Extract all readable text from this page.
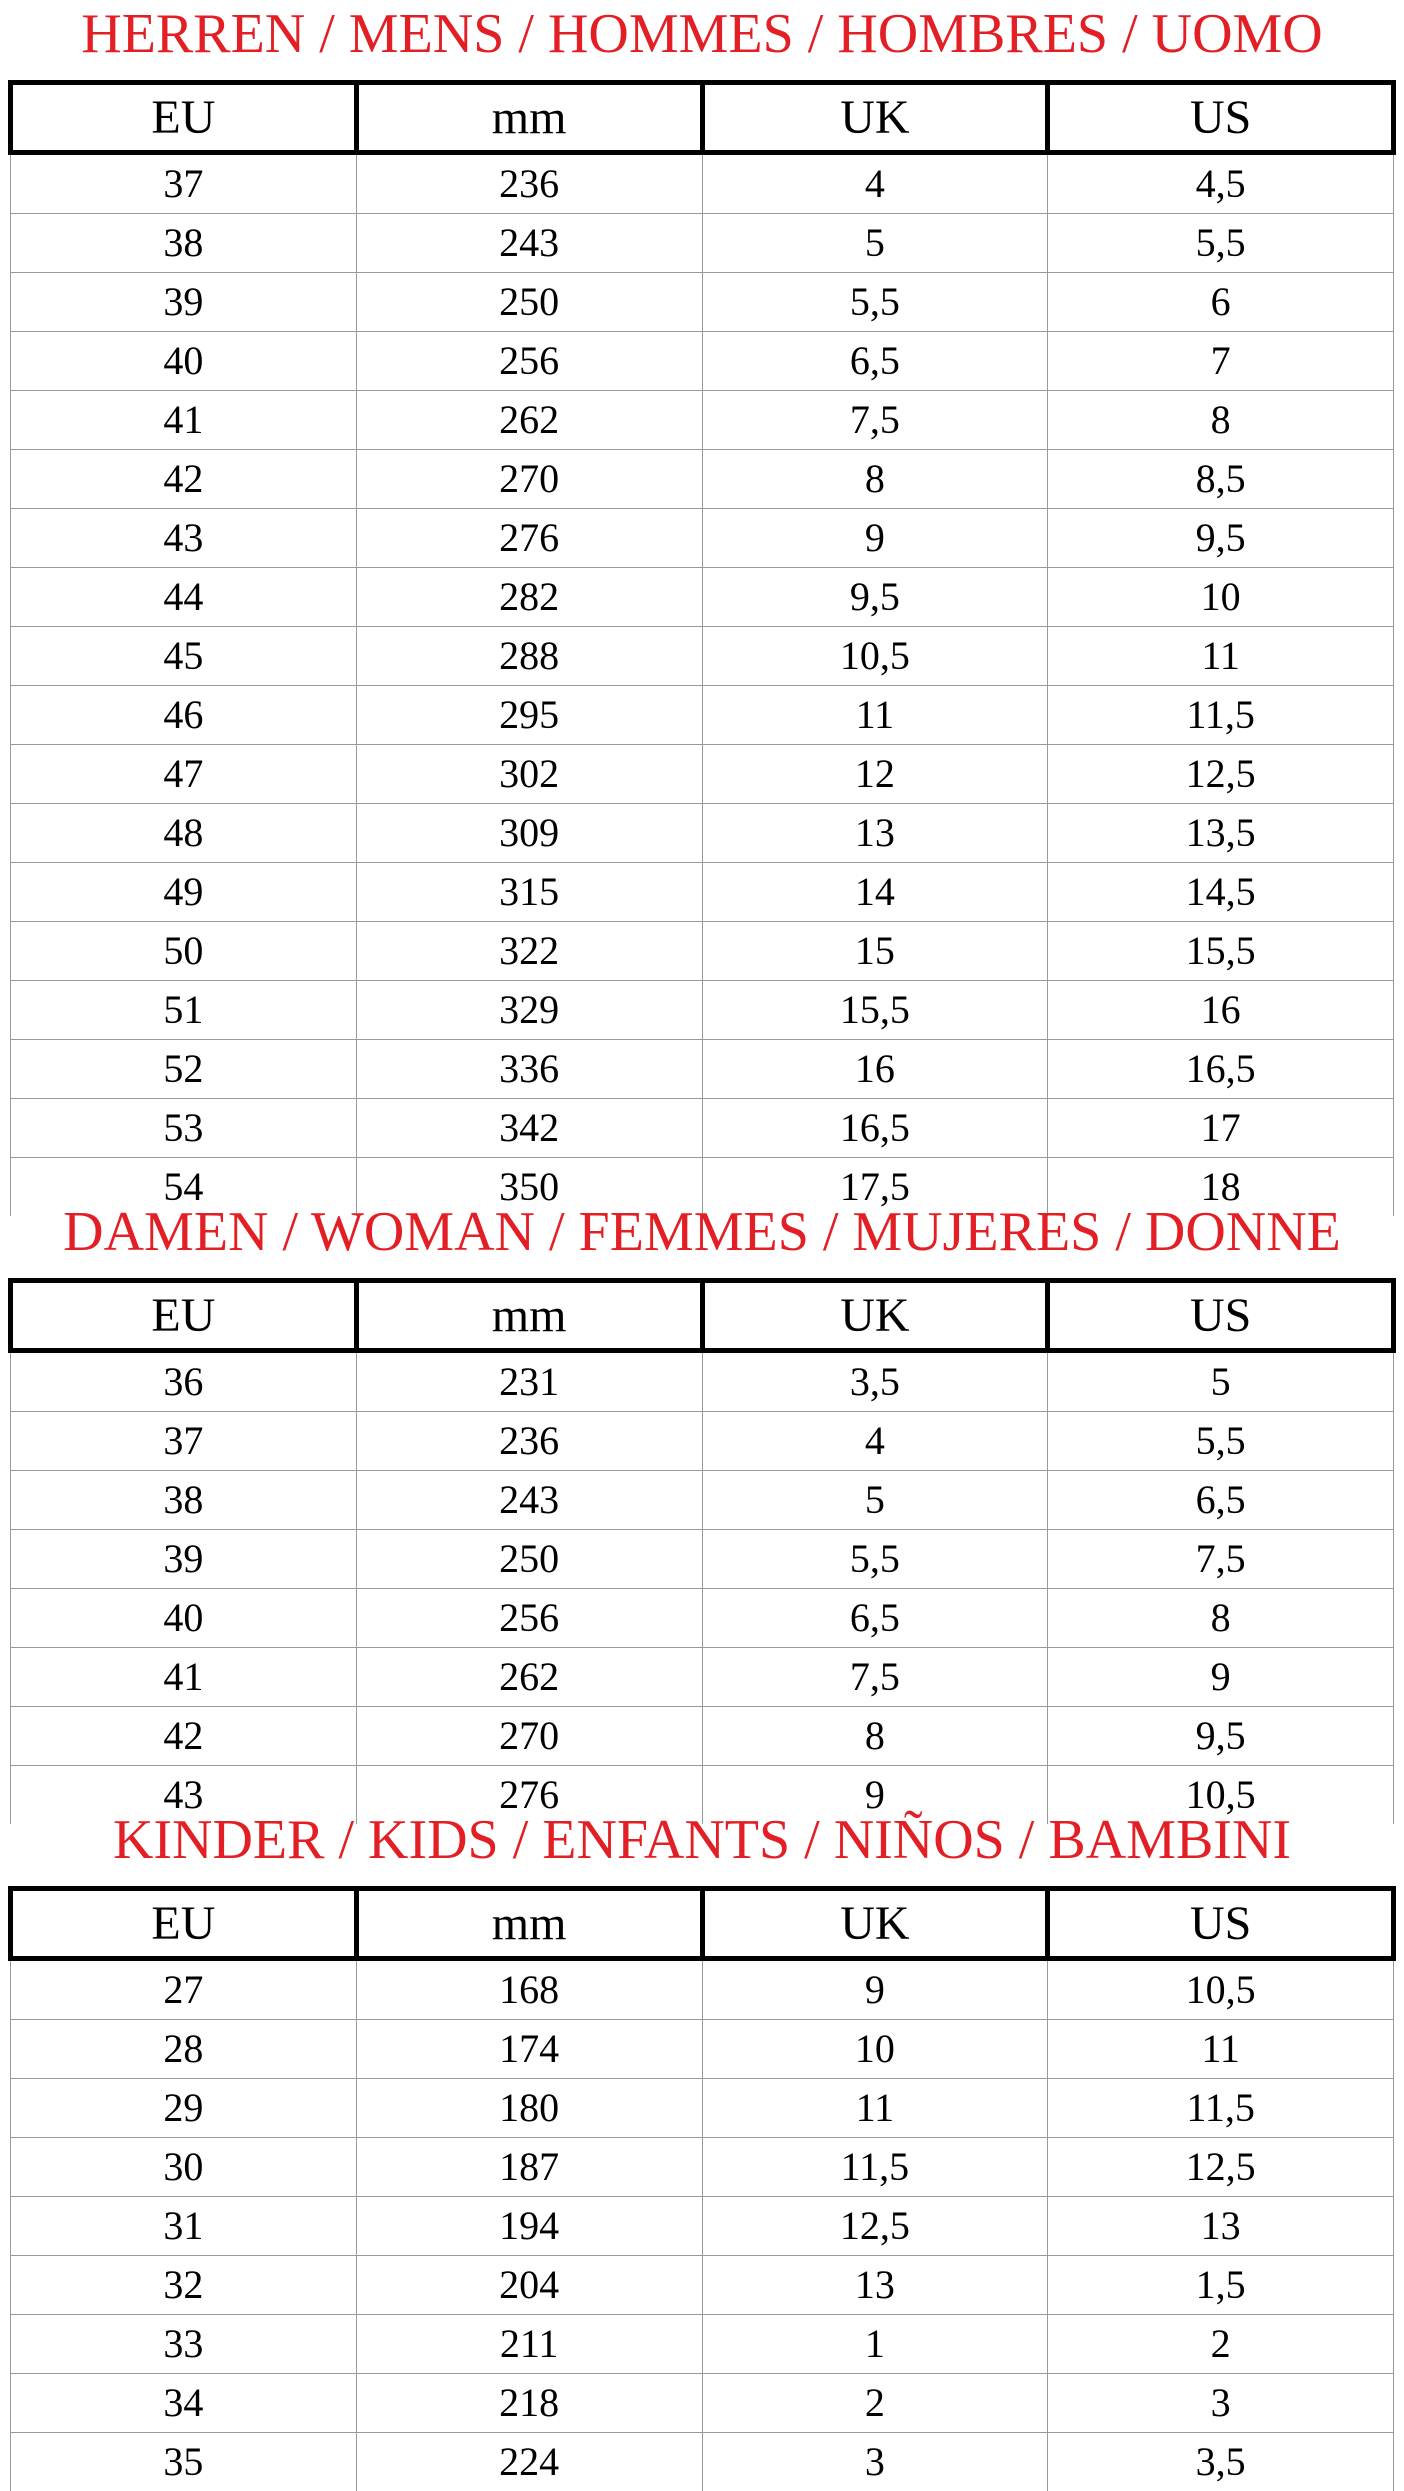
HERREN / MENS / HOMMES / HOMBRES / UOMO
EU	mm	UK	US
37	236	4	4,5
38	243	5	5,5
39	250	5,5	6
40	256	6,5	7
41	262	7,5	8
42	270	8	8,5
43	276	9	9,5
44	282	9,5	10
45	288	10,5	11
46	295	11	11,5
47	302	12	12,5
48	309	13	13,5
49	315	14	14,5
50	322	15	15,5
51	329	15,5	16
52	336	16	16,5
53	342	16,5	17
54	350	17,5	18
DAMEN / WOMAN / FEMMES / MUJERES / DONNE
EU	mm	UK	US
36	231	3,5	5
37	236	4	5,5
38	243	5	6,5
39	250	5,5	7,5
40	256	6,5	8
41	262	7,5	9
42	270	8	9,5
43	276	9	10,5
KINDER / KIDS / ENFANTS / NIÑOS / BAMBINI
EU	mm	UK	US
27	168	9	10,5
28	174	10	11
29	180	11	11,5
30	187	11,5	12,5
31	194	12,5	13
32	204	13	1,5
33	211	1	2
34	218	2	3
35	224	3	3,5
